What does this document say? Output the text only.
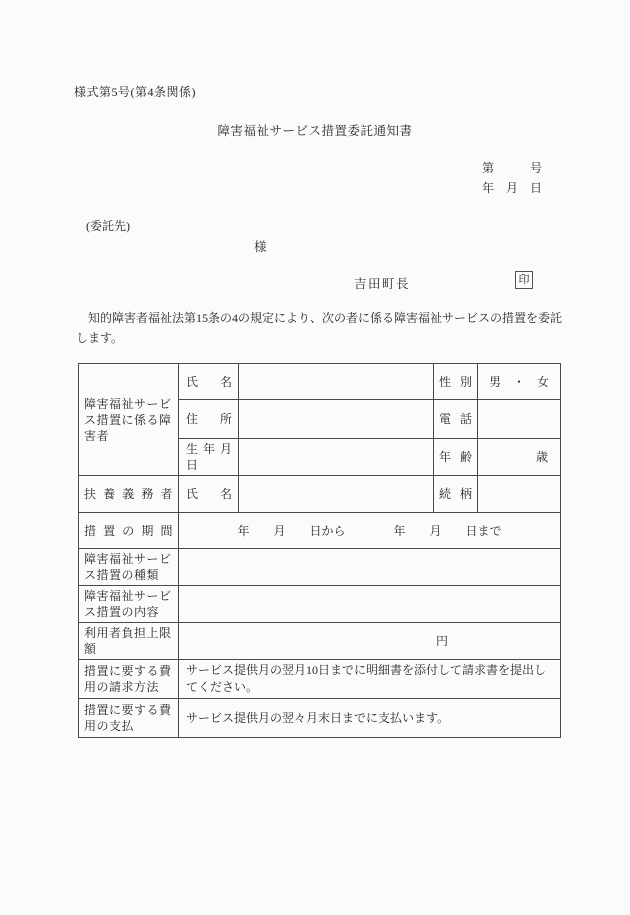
様式第5号(第4条関係)
障害福祉サービス措置委託通知書
第　　　号
年　月　日
(委託先)
様
吉田町長	印
知的障害者福祉法第15条の4の規定により、次の者に係る障害福祉サービスの措置を委託します。
障害福祉サービス措置に係る障害者	氏名		性別	男　・　女
	住所		電話	
	生年月日		年齢	歳
扶養義務者	氏名		続柄	
措置の期間	年　　月　　日から　　　　年　　月　　日まで			
障害福祉サービス措置の種類				
障害福祉サービス措置の内容				
利用者負担上限額	円			
措置に要する費用の請求方法	サービス提供月の翌月10日までに明細書を添付して請求書を提出してください。			
措置に要する費用の支払	サービス提供月の翌々月末日までに支払います。			
